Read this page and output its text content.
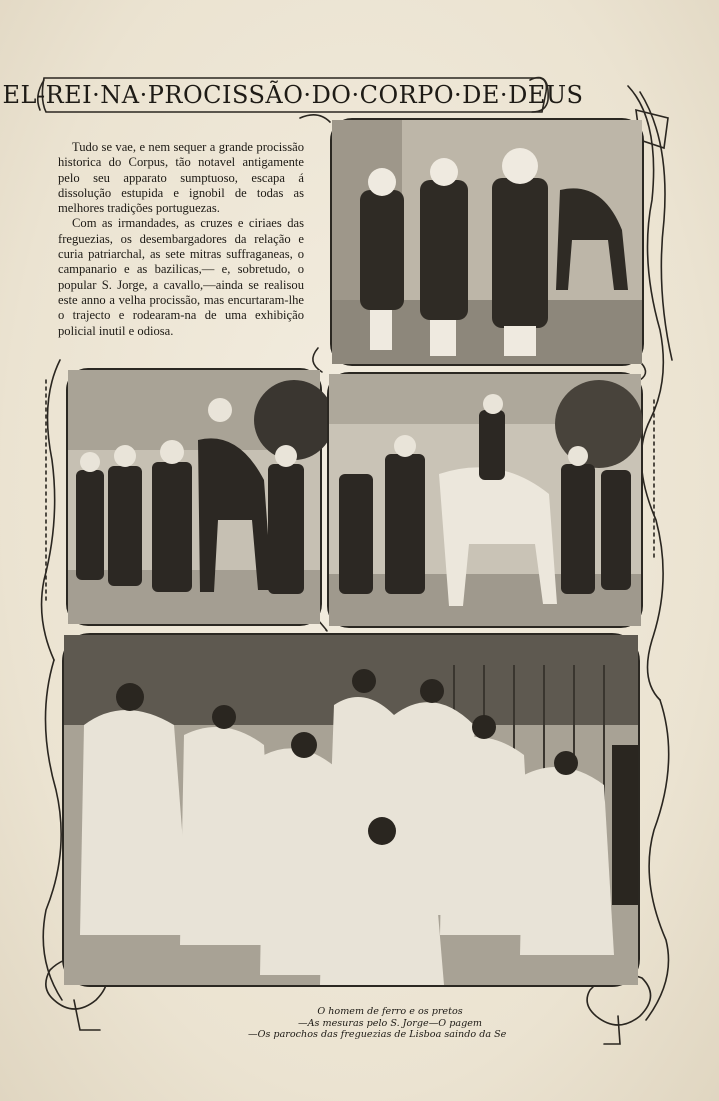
EL-REI·NA·PROCISSÃO·DO·CORPO·DE·DEUS

Tudo se vae, e nem sequer a grande procissão historica do Corpus, tão notavel antigamente pelo seu apparato sumptuoso, escapa á dissolução estupida e ignobil de todas as melhores tradições portuguezas.

Com as irmandades, as cruzes e ciriaes das freguezias, os desembargadores da relação e curia patriarchal, as sete mitras suffraganeas, o campanario e as bazilicas,— e, sobretudo, o popular S. Jorge, a cavallo,—ainda se realisou este anno a velha procissão, mas encurtaram-lhe o trajecto e rodearam-na de uma exhibição policial inutil e odiosa.

O homem de ferro e os pretos
—As mesuras pelo S. Jorge—O pagem
—Os parochos das freguezias de Lisboa saindo da Se
